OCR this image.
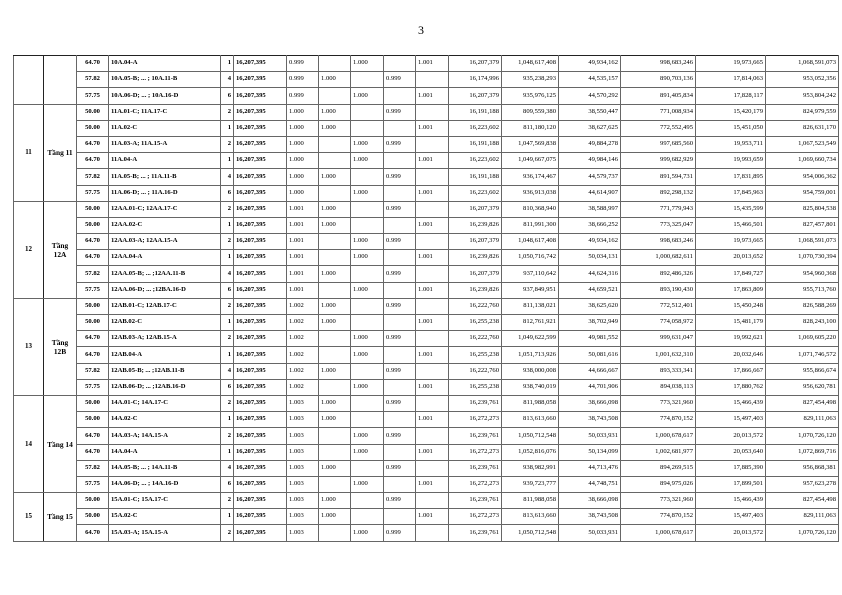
3
		64.70	10A.04-A	1	16,207,395	0.999		1.000		1.001	16,207,379	1,048,617,408	49,934,162	998,683,246	19,973,665	1,068,591,073
		57.82	10A.05-B; ... ; 10A.11-B	4	16,207,395	0.999	1.000		0.999		16,174,996	935,238,293	44,535,157	890,703,136	17,814,063	953,052,356
		57.75	10A.06-D; ... ; 10A.16-D	6	16,207,395	0.999		1.000		1.001	16,207,379	935,976,125	44,570,292	891,405,834	17,828,117	953,804,242
11	Tầng 11	50.00	11A.01-C; 11A.17-C	2	16,207,395	1.000	1.000		0.999		16,191,188	809,559,380	38,550,447	771,008,934	15,420,179	824,979,559
		50.00	11A.02-C	1	16,207,395	1.000	1.000			1.001	16,223,602	811,180,120	38,627,625	772,552,495	15,451,050	826,631,170
		64.70	11A.03-A; 11A.15-A	2	16,207,395	1.000		1.000	0.999		16,191,188	1,047,569,838	49,884,278	997,685,560	19,953,711	1,067,523,549
		64.70	11A.04-A	1	16,207,395	1.000		1.000		1.001	16,223,602	1,049,667,075	49,984,146	999,682,929	19,993,659	1,069,660,734
		57.82	11A.05-B; ... ; 11A.11-B	4	16,207,395	1.000	1.000		0.999		16,191,188	936,174,467	44,579,737	891,594,731	17,831,895	954,006,362
		57.75	11A.06-D; ... ; 11A.16-D	6	16,207,395	1.000		1.000		1.001	16,223,602	936,913,038	44,614,907	892,298,132	17,845,963	954,759,001
12	Tầng 12A	50.00	12AA.01-C; 12AA.17-C	2	16,207,395	1.001	1.000		0.999		16,207,379	810,368,940	38,588,997	771,779,943	15,435,599	825,804,538
		50.00	12AA.02-C	1	16,207,395	1.001	1.000			1.001	16,239,826	811,991,300	38,666,252	773,325,047	15,466,501	827,457,801
		64.70	12AA.03-A; 12AA.15-A	2	16,207,395	1.001		1.000	0.999		16,207,379	1,048,617,408	49,934,162	998,683,246	19,973,665	1,068,591,073
		64.70	12AA.04-A	1	16,207,395	1.001		1.000		1.001	16,239,826	1,050,716,742	50,034,131	1,000,682,611	20,013,652	1,070,730,394
		57.82	12AA.05-B; ... ;12AA.11-B	4	16,207,395	1.001	1.000		0.999		16,207,379	937,110,642	44,624,316	892,486,326	17,849,727	954,960,368
		57.75	12AA.06-D; ... ;12BA.16-D	6	16,207,395	1.001		1.000		1.001	16,239,826	937,849,951	44,659,521	893,190,430	17,863,809	955,713,760
13	Tầng 12B	50.00	12AB.01-C; 12AB.17-C	2	16,207,395	1.002	1.000		0.999		16,222,760	811,138,021	38,625,620	772,512,401	15,450,248	826,588,269
		50.00	12AB.02-C	1	16,207,395	1.002	1.000			1.001	16,255,238	812,761,921	38,702,949	774,058,972	15,481,179	828,243,100
		64.70	12AB.03-A; 12AB.15-A	2	16,207,395	1.002		1.000	0.999		16,222,760	1,049,622,599	49,981,552	999,631,047	19,992,621	1,069,605,220
		64.70	12AB.04-A	1	16,207,395	1.002		1.000		1.001	16,255,238	1,051,713,926	50,081,616	1,001,632,310	20,032,646	1,071,746,572
		57.82	12AB.05-B; ... ;12AB.11-B	4	16,207,395	1.002	1.000		0.999		16,222,760	938,000,008	44,666,667	893,333,341	17,866,667	955,866,674
		57.75	12AB.06-D; ... ;12AB.16-D	6	16,207,395	1.002		1.000		1.001	16,255,238	938,740,019	44,701,906	894,038,113	17,880,762	956,620,781
14	Tầng 14	50.00	14A.01-C; 14A.17-C	2	16,207,395	1.003	1.000		0.999		16,239,761	811,988,058	38,666,098	773,321,960	15,466,439	827,454,498
		50.00	14A.02-C	1	16,207,395	1.003	1.000			1.001	16,272,273	813,613,660	38,743,508	774,870,152	15,497,403	829,111,063
		64.70	14A.03-A; 14A.15-A	2	16,207,395	1.003		1.000	0.999		16,239,761	1,050,712,548	50,033,931	1,000,678,617	20,013,572	1,070,726,120
		64.70	14A.04-A	1	16,207,395	1.003		1.000		1.001	16,272,273	1,052,816,076	50,134,099	1,002,681,977	20,053,640	1,072,869,716
		57.82	14A.05-B; ... ; 14A.11-B	4	16,207,395	1.003	1.000		0.999		16,239,761	938,982,991	44,713,476	894,269,515	17,885,390	956,868,381
		57.75	14A.06-D; ... ; 14A.16-D	6	16,207,395	1.003		1.000		1.001	16,272,273	939,723,777	44,748,751	894,975,026	17,899,501	957,623,278
15	Tầng 15	50.00	15A.01-C; 15A.17-C	2	16,207,395	1.003	1.000		0.999		16,239,761	811,988,058	38,666,098	773,321,960	15,466,439	827,454,498
		50.00	15A.02-C	1	16,207,395	1.003	1.000			1.001	16,272,273	813,613,660	38,743,508	774,870,152	15,497,403	829,111,063
		64.70	15A.03-A; 15A.15-A	2	16,207,395	1.003		1.000	0.999		16,239,761	1,050,712,548	50,033,931	1,000,678,617	20,013,572	1,070,726,120
